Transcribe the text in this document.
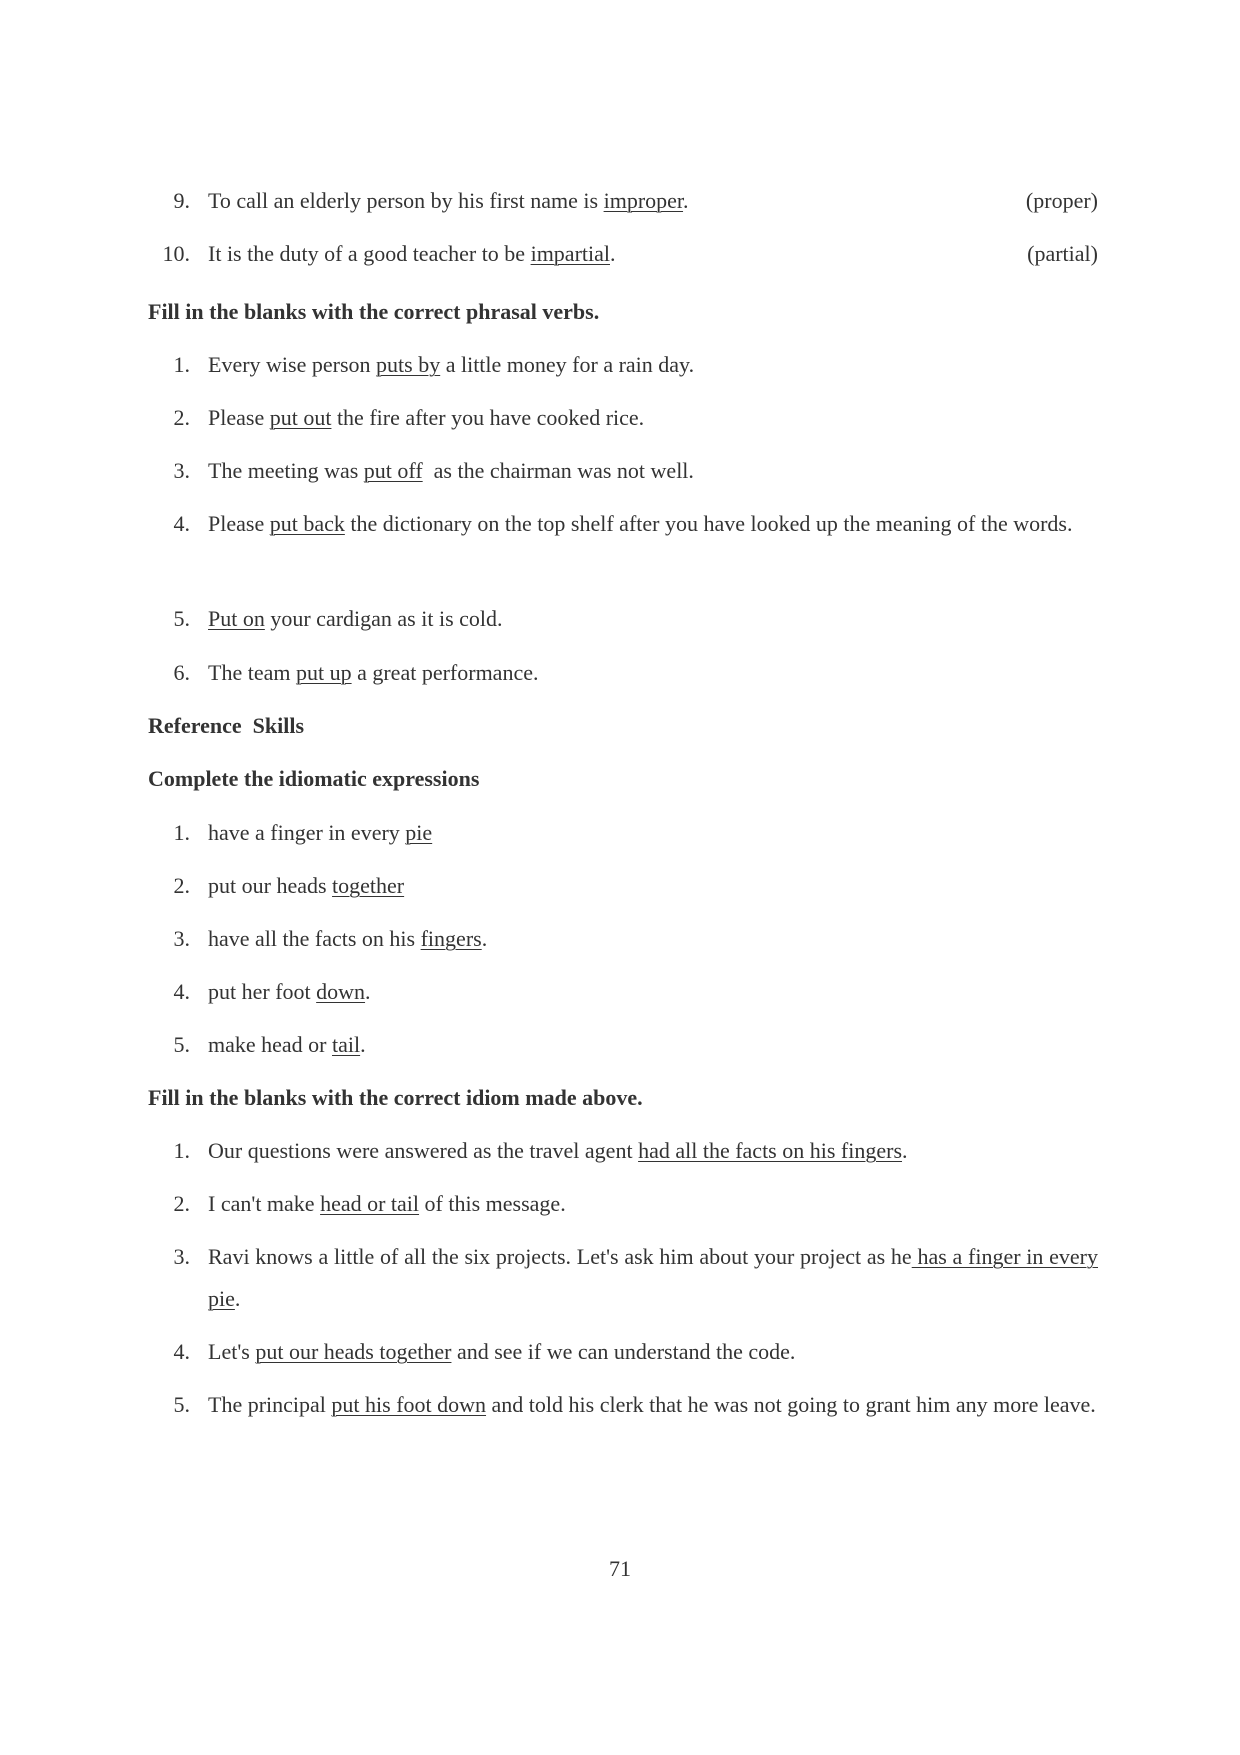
9. To call an elderly person by his first name is improper.	(proper)
10. It is the duty of a good teacher to be impartial.	(partial)
Fill in the blanks with the correct phrasal verbs.
1. Every wise person puts by a little money for a rain day.
2. Please put out the fire after you have cooked rice.
3. The meeting was put off  as the chairman was not well.
4. Please put back the dictionary on the top shelf after you have looked up the meaning of the words.
5. Put on your cardigan as it is cold.
6. The team put up a great performance.
Reference  Skills
Complete the idiomatic expressions
1. have a finger in every pie
2. put our heads together
3. have all the facts on his fingers.
4. put her foot down.
5. make head or tail.
Fill in the blanks with the correct idiom made above.
1. Our questions were answered as the travel agent had all the facts on his fingers.
2. I can't make head or tail of this message.
3. Ravi knows a little of all the six projects. Let's ask him about your project as he has a finger in every pie.
4. Let's put our heads together and see if we can understand the code.
5. The principal put his foot down and told his clerk that he was not going to grant him any more leave.
71
